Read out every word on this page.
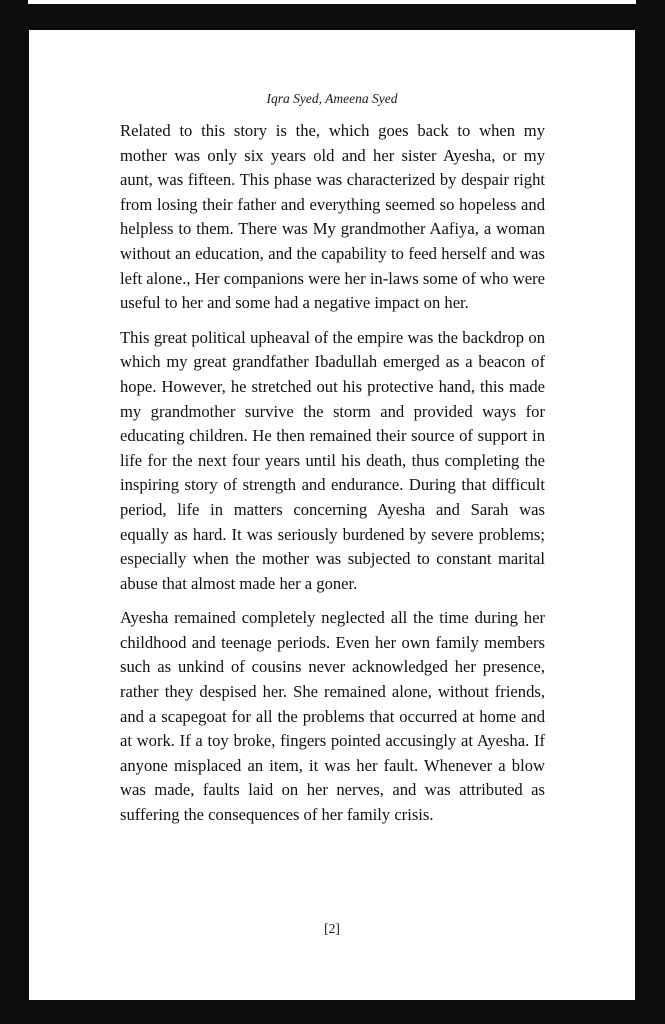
Iqra Syed, Ameena Syed

Related to this story is the, which goes back to when my mother was only six years old and her sister Ayesha, or my aunt, was fifteen. This phase was characterized by despair right from losing their father and everything seemed so hopeless and helpless to them. There was My grandmother Aafiya, a woman without an education, and the capability to feed herself and was left alone., Her companions were her in-laws some of who were useful to her and some had a negative impact on her.

This great political upheaval of the empire was the backdrop on which my great grandfather Ibadullah emerged as a beacon of hope. However, he stretched out his protective hand, this made my grandmother survive the storm and provided ways for educating children. He then remained their source of support in life for the next four years until his death, thus completing the inspiring story of strength and endurance. During that difficult period, life in matters concerning Ayesha and Sarah was equally as hard. It was seriously burdened by severe problems; especially when the mother was subjected to constant marital abuse that almost made her a goner.

Ayesha remained completely neglected all the time during her childhood and teenage periods. Even her own family members such as unkind of cousins never acknowledged her presence, rather they despised her. She remained alone, without friends, and a scapegoat for all the problems that occurred at home and at work. If a toy broke, fingers pointed accusingly at Ayesha. If anyone misplaced an item, it was her fault. Whenever a blow was made, faults laid on her nerves, and was attributed as suffering the consequences of her family crisis.

[2]
